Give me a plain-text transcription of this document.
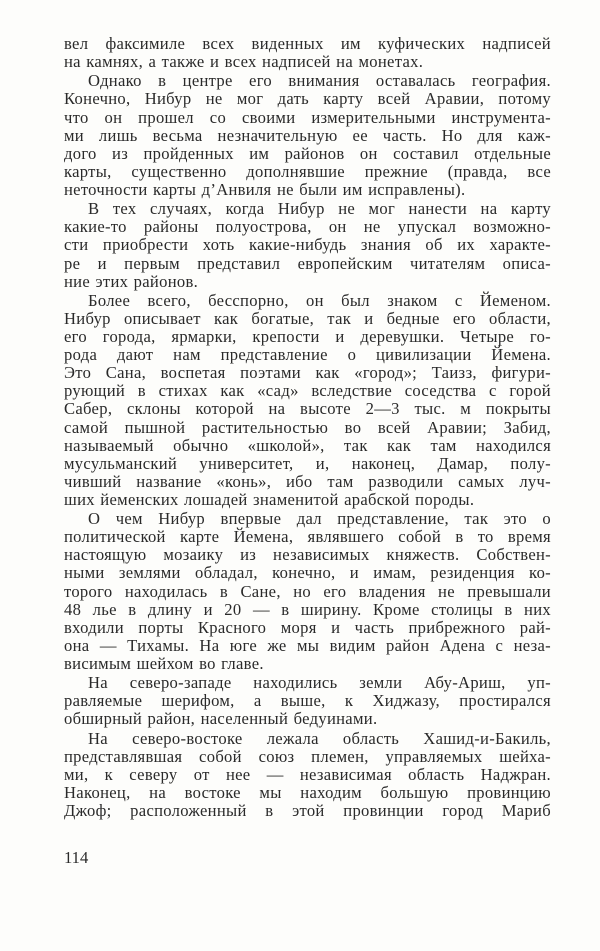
вел факсимиле всех виденных им куфических надписей
на камнях, а также и всех надписей на монетах.
Однако в центре его внимания оставалась география.
Конечно, Нибур не мог дать карту всей Аравии, потому
что он прошел со своими измерительными инструмента-
ми лишь весьма незначительную ее часть. Но для каж-
дого из пройденных им районов он составил отдельные
карты, существенно дополнявшие прежние (правда, все
неточности карты д’Анвиля не были им исправлены).
В тех случаях, когда Нибур не мог нанести на карту
какие-то районы полуострова, он не упускал возможно-
сти приобрести хоть какие-нибудь знания об их характе-
ре и первым представил европейским читателям описа-
ние этих районов.
Более всего, бесспорно, он был знаком с Йеменом.
Нибур описывает как богатые, так и бедные его области,
его города, ярмарки, крепости и деревушки. Четыре го-
рода дают нам представление о цивилизации Йемена.
Это Сана, воспетая поэтами как «город»; Таизз, фигури-
рующий в стихах как «сад» вследствие соседства с горой
Сабер, склоны которой на высоте 2—3 тыс. м покрыты
самой пышной растительностью во всей Аравии; Забид,
называемый обычно «школой», так как там находился
мусульманский университет, и, наконец, Дамар, полу-
чивший название «конь», ибо там разводили самых луч-
ших йеменских лошадей знаменитой арабской породы.
О чем Нибур впервые дал представление, так это о
политической карте Йемена, являвшего собой в то время
настоящую мозаику из независимых княжеств. Собствен-
ными землями обладал, конечно, и имам, резиденция ко-
торого находилась в Сане, но его владения не превышали
48 лье в длину и 20 — в ширину. Кроме столицы в них
входили порты Красного моря и часть прибрежного рай-
она — Тихамы. На юге же мы видим район Адена с неза-
висимым шейхом во главе.
На северо-западе находились земли Абу-Ариш, уп-
равляемые шерифом, а выше, к Хиджазу, простирался
обширный район, населенный бедуинами.
На северо-востоке лежала область Хашид-и-Бакиль,
представлявшая собой союз племен, управляемых шейха-
ми, к северу от нее — независимая область Наджран.
Наконец, на востоке мы находим большую провинцию
Джоф; расположенный в этой провинции город Мариб
114
